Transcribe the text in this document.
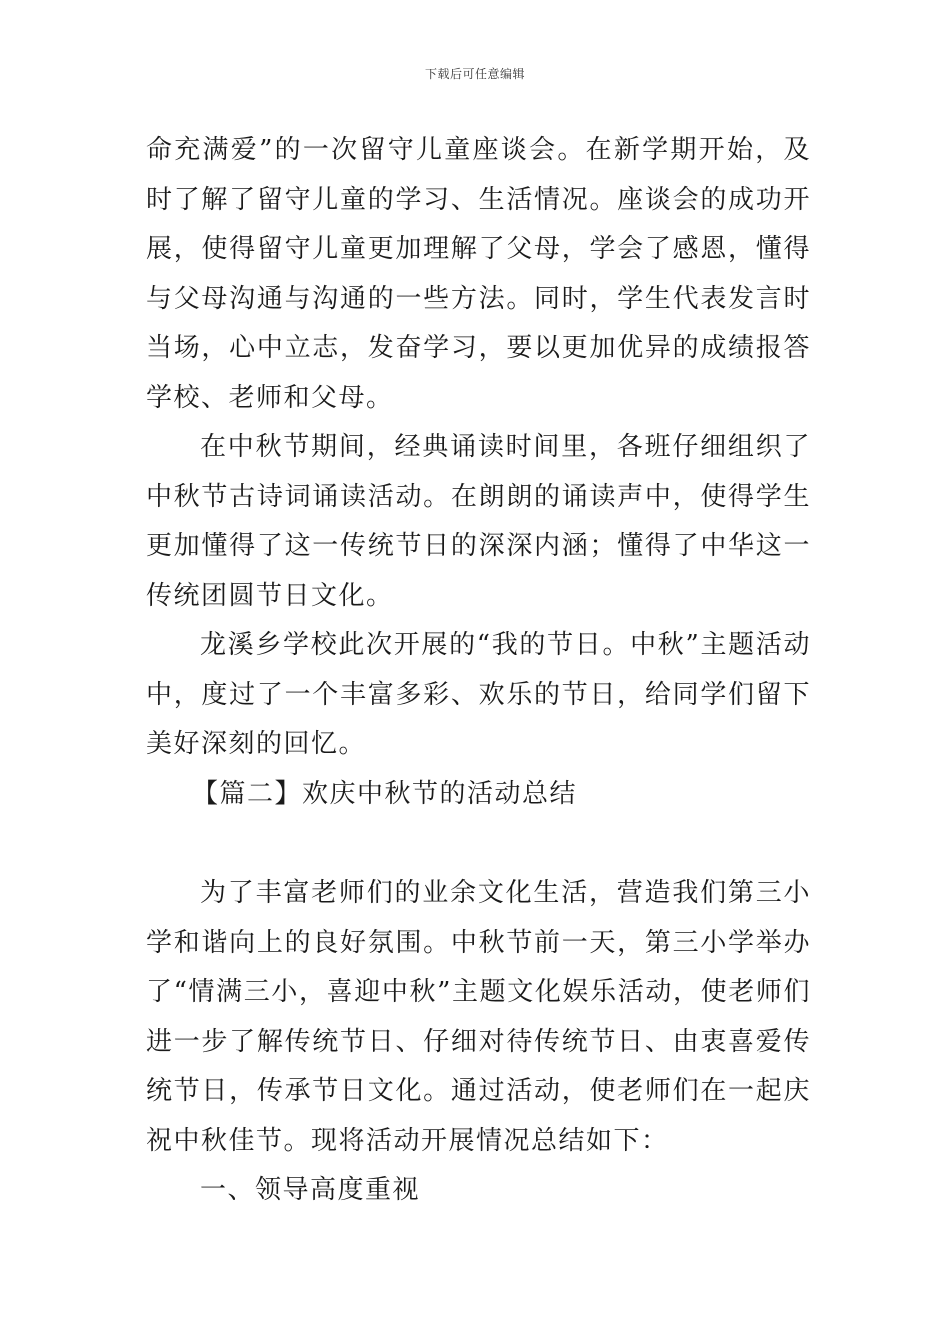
下载后可任意编辑

命充满爱”的一次留守儿童座谈会。在新学期开始，及时了解了留守儿童的学习、生活情况。座谈会的成功开展，使得留守儿童更加理解了父母，学会了感恩，懂得与父母沟通与沟通的一些方法。同时，学生代表发言时当场，心中立志，发奋学习，要以更加优异的成绩报答学校、老师和父母。

在中秋节期间，经典诵读时间里，各班仔细组织了中秋节古诗词诵读活动。在朗朗的诵读声中，使得学生更加懂得了这一传统节日的深深内涵；懂得了中华这一传统团圆节日文化。

龙溪乡学校此次开展的“我的节日。中秋”主题活动中，度过了一个丰富多彩、欢乐的节日，给同学们留下美好深刻的回忆。

【篇二】欢庆中秋节的活动总结

为了丰富老师们的业余文化生活，营造我们第三小学和谐向上的良好氛围。中秋节前一天，第三小学举办了“情满三小，喜迎中秋”主题文化娱乐活动，使老师们进一步了解传统节日、仔细对待传统节日、由衷喜爱传统节日，传承节日文化。通过活动，使老师们在一起庆祝中秋佳节。现将活动开展情况总结如下：

一、领导高度重视
